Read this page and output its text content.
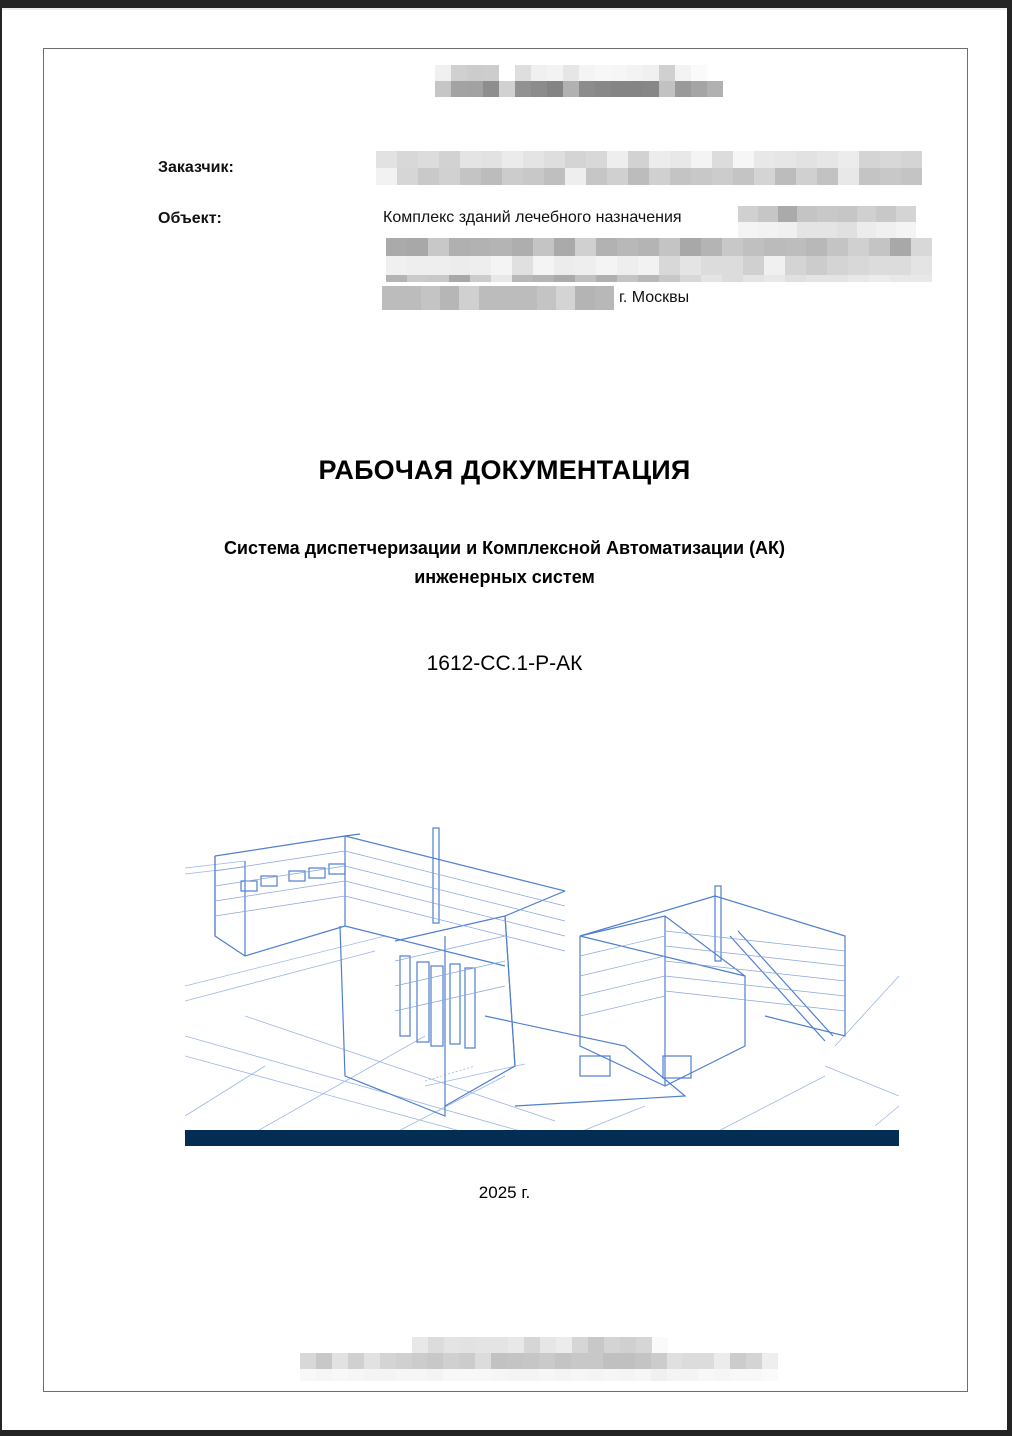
Заказчик:
Объект:	Комплекс зданий лечебного назначения
г. Москвы
РАБОЧАЯ ДОКУМЕНТАЦИЯ
Система диспетчеризации и Комплексной Автоматизации (АК)
инженерных систем
1612-СС.1-Р-АК
2025 г.
